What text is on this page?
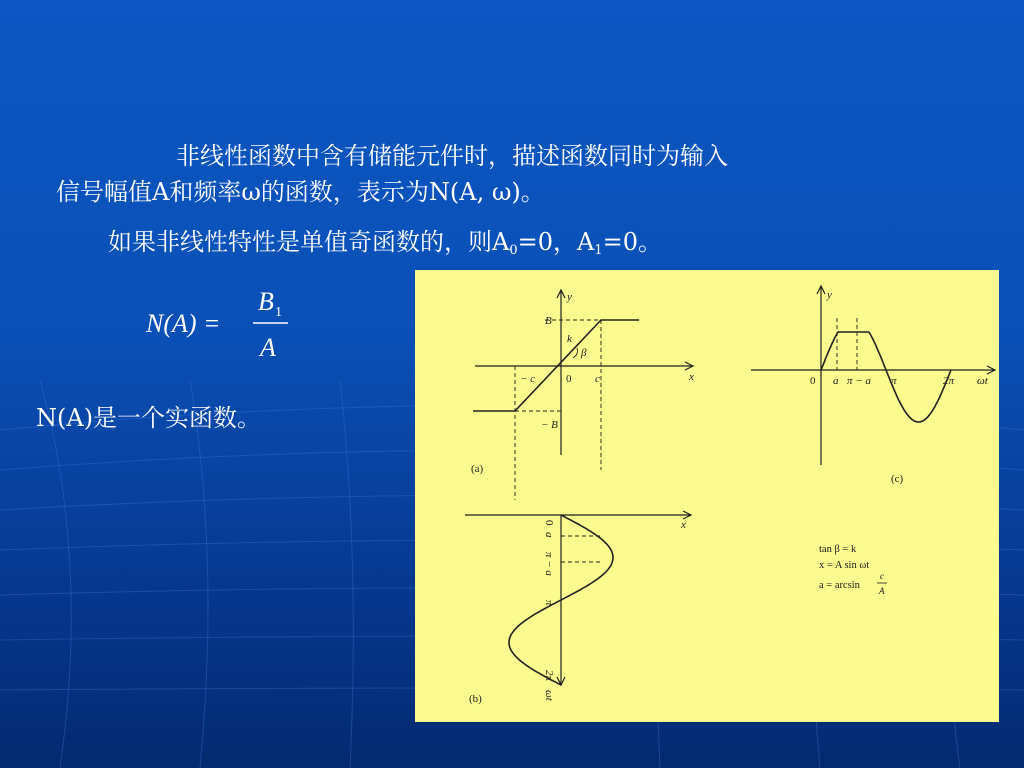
非线性函数中含有储能元件时，描述函数同时为输入
信号幅值A和频率ω的函数，表示为N(A, ω)。
如果非线性特性是单值奇函数的，则$A_0=0$，$A_1=0$。
N(A) =
B 1
A
N(A)是一个实函数。
y
x
B
− B
k
β
− c	0 c
(a)
x
0
a
π − a
π
2π
ωt
(b)
y
0 a π − a π	2π ωt
(c)
tan β = k
x = A sin ωt
a = arcsin
c
A
